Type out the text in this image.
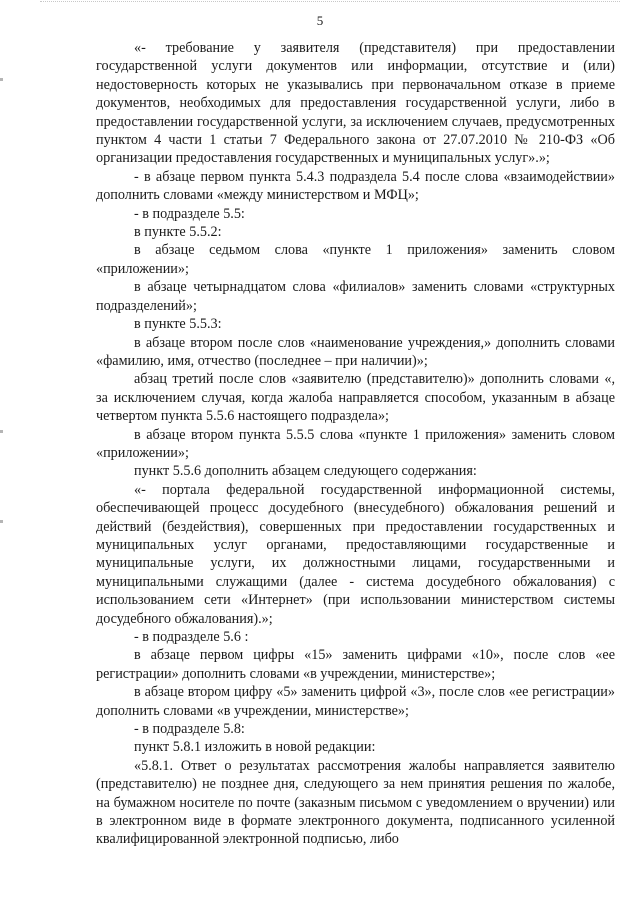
5

«- требование у заявителя (представителя) при предоставлении государственной услуги документов или информации, отсутствие и (или) недостоверность которых не указывались при первоначальном отказе в приеме документов, необходимых для предоставления государственной услуги, либо в предоставлении государственной услуги, за исключением случаев, предусмотренных пунктом 4 части 1 статьи 7 Федерального закона от 27.07.2010 № 210-ФЗ «Об организации предоставления государственных и муниципальных услуг».»;

- в абзаце первом пункта 5.4.3 подраздела 5.4 после слова «взаимодействии» дополнить словами «между министерством и МФЦ»;

- в подразделе 5.5:

в пункте 5.5.2:

в абзаце седьмом слова «пункте 1 приложения» заменить словом «приложении»;

в абзаце четырнадцатом слова «филиалов» заменить словами «структурных подразделений»;

в пункте 5.5.3:

в абзаце втором после слов «наименование учреждения,» дополнить словами «фамилию, имя, отчество (последнее – при наличии)»;

абзац третий после слов «заявителю (представителю)» дополнить словами «, за исключением случая, когда жалоба направляется способом, указанным в абзаце четвертом пункта 5.5.6 настоящего подраздела»;

в абзаце втором пункта 5.5.5 слова «пункте 1 приложения» заменить словом «приложении»;

пункт 5.5.6 дополнить абзацем следующего содержания:

«- портала федеральной государственной информационной системы, обеспечивающей процесс досудебного (внесудебного) обжалования решений и действий (бездействия), совершенных при предоставлении государственных и муниципальных услуг органами, предоставляющими государственные и муниципальные услуги, их должностными лицами, государственными и муниципальными служащими (далее - система досудебного обжалования) с использованием сети «Интернет» (при использовании министерством системы досудебного обжалования).»;

- в подразделе 5.6 :

в абзаце первом цифры «15» заменить цифрами «10», после слов «ее регистрации» дополнить словами «в учреждении, министерстве»;

в абзаце втором цифру «5» заменить цифрой «3», после слов «ее регистрации» дополнить словами «в учреждении, министерстве»;

- в подразделе 5.8:

пункт 5.8.1 изложить в новой редакции:

«5.8.1. Ответ о результатах рассмотрения жалобы направляется заявителю (представителю) не позднее дня, следующего за нем принятия решения по жалобе, на бумажном носителе по почте (заказным письмом с уведомлением о вручении) или в электронном виде в формате электронного документа, подписанного усиленной квалифицированной электронной подписью, либо
